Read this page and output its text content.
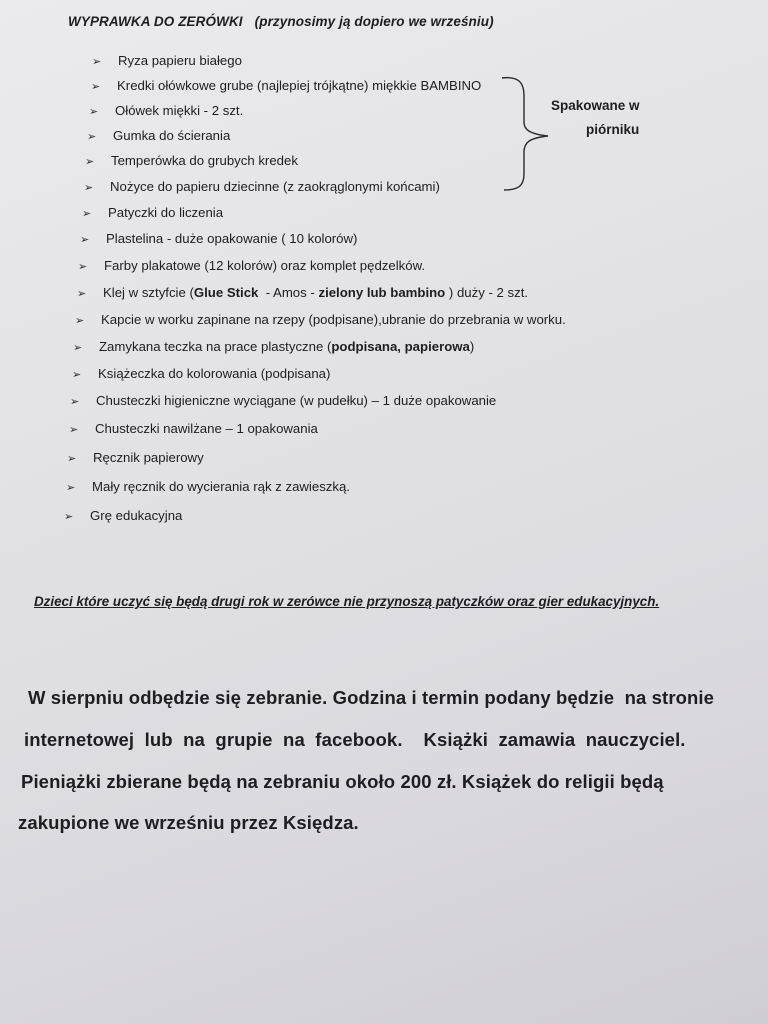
WYPRAWKA DO ZERÓWKI (przynosimy ją dopiero we wrześniu)
➢ Ryza papieru białego
➢ Kredki ołówkowe grube (najlepiej trójkątne) miękkie BAMBINO
➢ Ołówek miękki - 2 szt.
➢ Gumka do ścierania
➢ Temperówka do grubych kredek
➢ Nożyce do papieru dziecinne (z zaokrąglonymi końcami)
➢ Patyczki do liczenia
➢ Plastelina - duże opakowanie ( 10 kolorów)
➢ Farby plakatowe (12 kolorów) oraz komplet pędzelków.
➢ Klej w sztyfcie (Glue Stick  - Amos - zielony lub bambino ) duży - 2 szt.
➢ Kapcie w worku zapinane na rzepy (podpisane),ubranie do przebrania w worku.
➢ Zamykana teczka na prace plastyczne (podpisana, papierowa)
➢ Książeczka do kolorowania (podpisana)
➢ Chusteczki higieniczne wyciągane (w pudełku) – 1 duże opakowanie
➢ Chusteczki nawilżane – 1 opakowania
➢ Ręcznik papierowy
➢ Mały ręcznik do wycierania rąk z zawieszką.
➢ Grę edukacyjna
Spakowane w
piórniku
Dzieci które uczyć się będą drugi rok w zerówce nie przynoszą patyczków oraz gier edukacyjnych.
W sierpniu odbędzie się zebranie. Godzina i termin podany będzie  na stronie
internetowej  lub  na  grupie  na  facebook.    Książki  zamawia  nauczyciel.
Pieniążki zbierane będą na zebraniu około 200 zł. Książek do religii będą
zakupione we wrześniu przez Księdza.
